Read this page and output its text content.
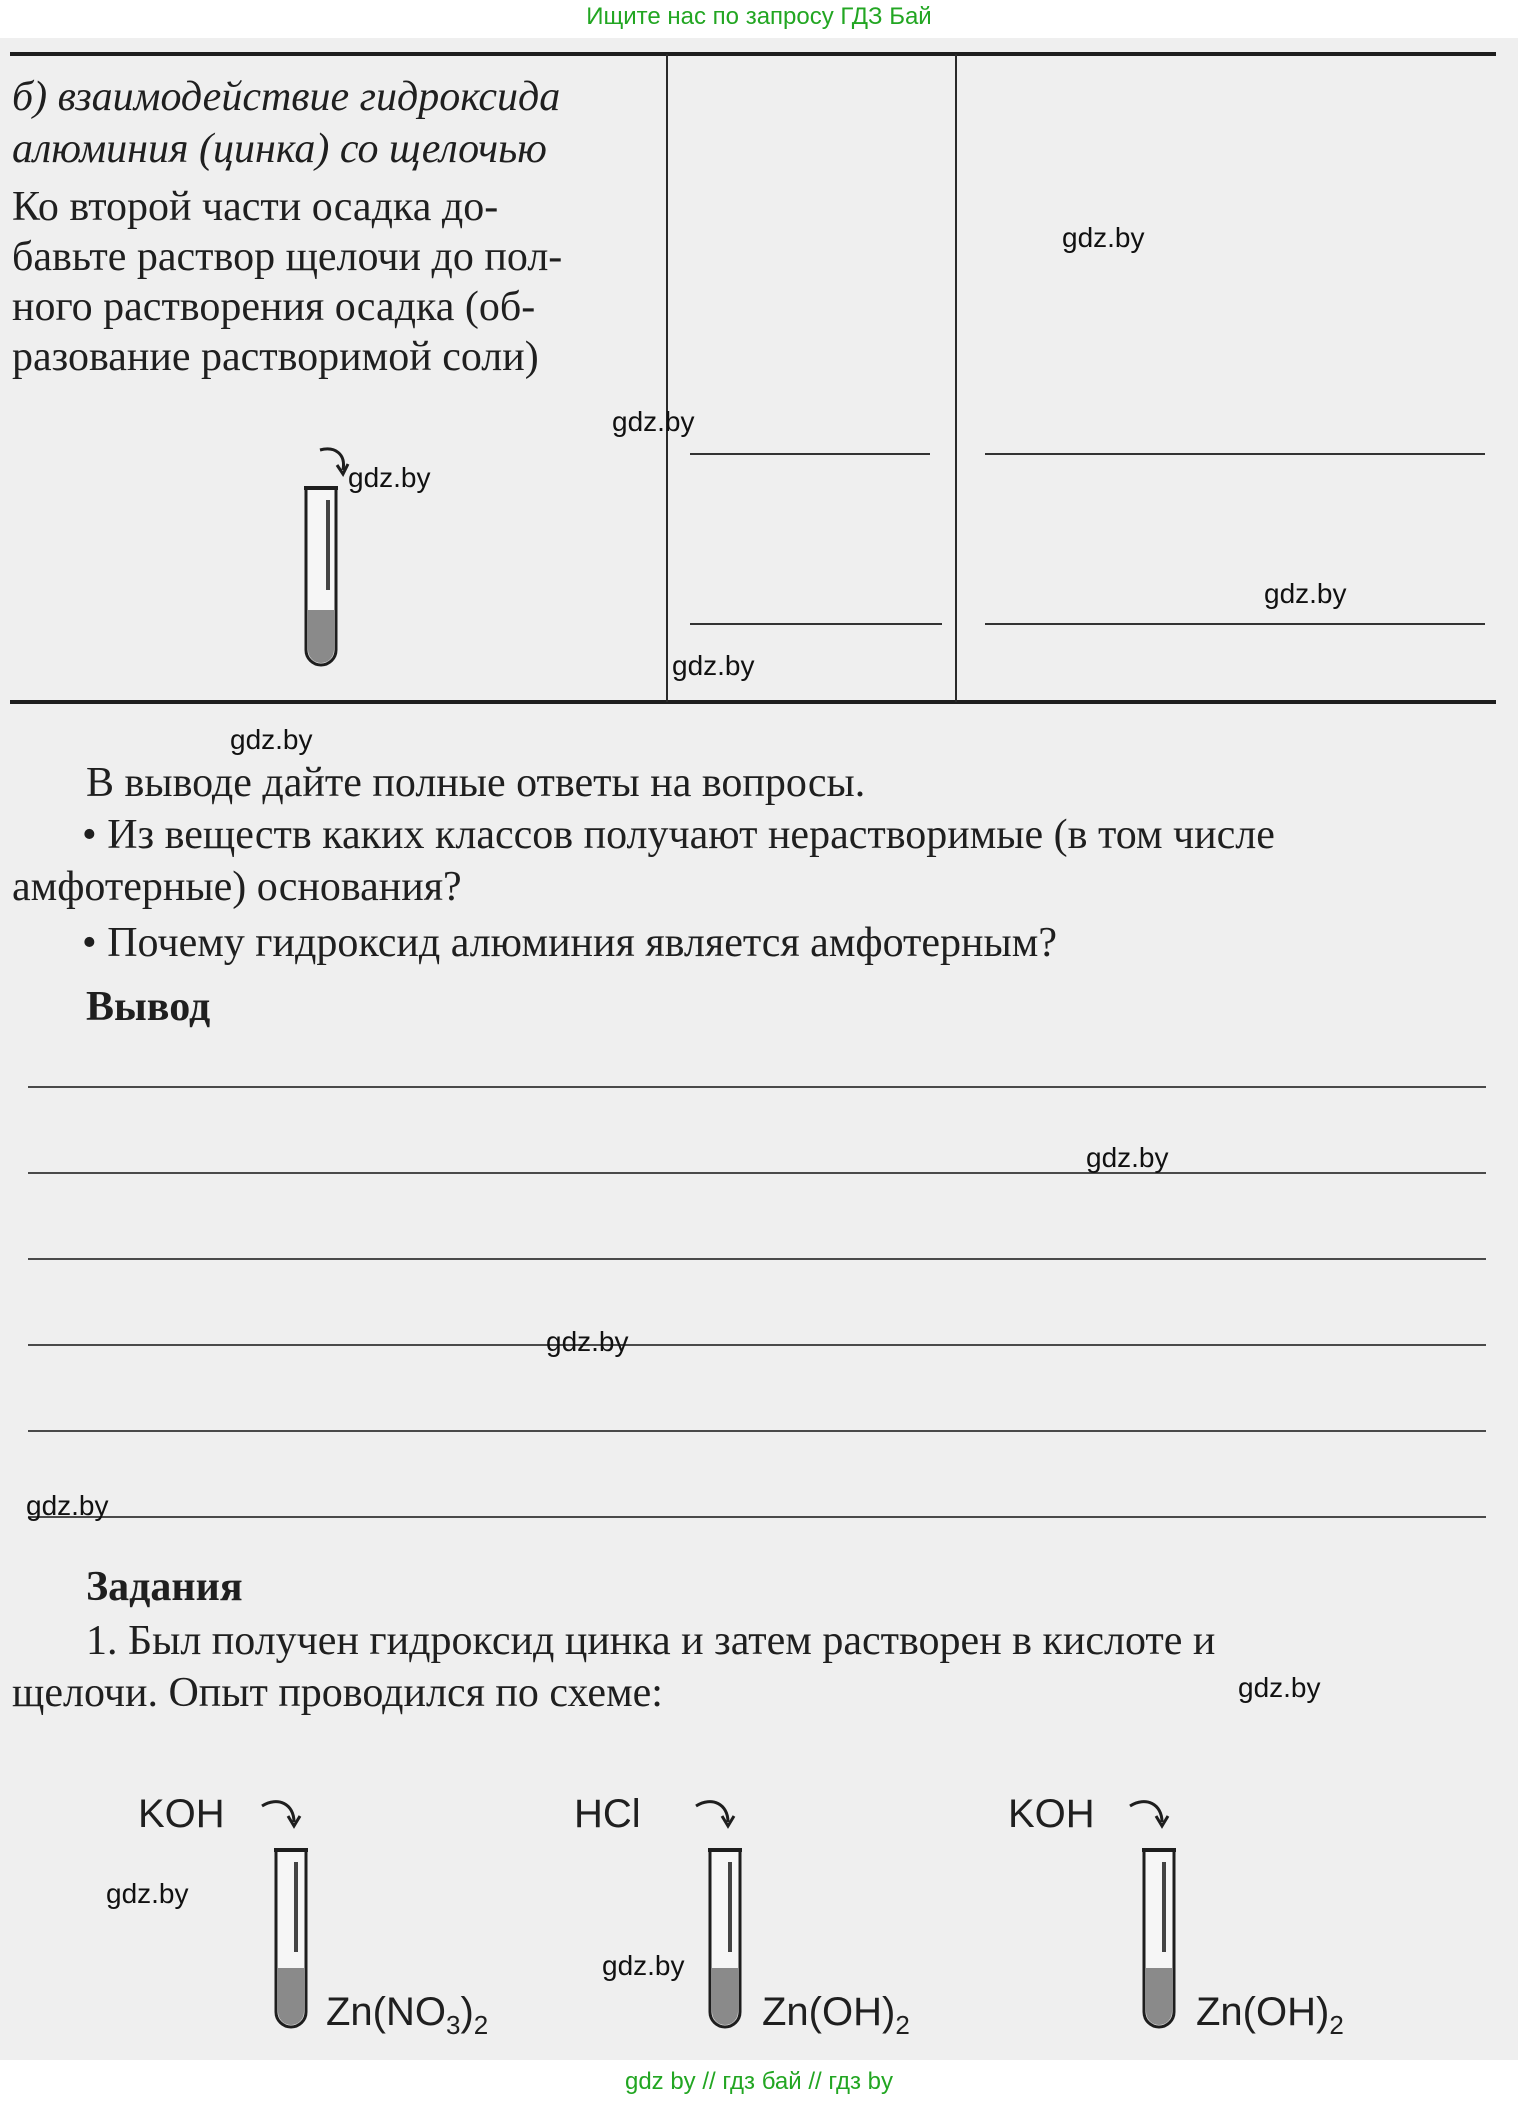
Ищите нас по запросу ГДЗ Бай
б) взаимодействие гидроксида
алюминия (цинка) со щелочью
Ко второй части осадка до-
бавьте раствор щелочи до пол-
ного растворения осадка (об-
разование растворимой соли)
В выводе дайте полные ответы на вопросы.
• Из веществ каких классов получают нерастворимые (в том числе
амфотерные) основания?
• Почему гидроксид алюминия является амфотерным?
Вывод
Задания
1. Был получен гидроксид цинка и затем растворен в кислоте и
щелочи. Опыт проводился по схеме:
KOH	HCl	KOH
$Zn(NO_3)_2$	$Zn(OH)_2$	$Zn(OH)_2$
gdz.by
gdz.by
gdz.by
gdz.by
gdz.by
gdz.by
gdz.by
gdz.by
gdz.by
gdz.by
gdz.by
gdz.by
gdz by // гдз бай // гдз by
